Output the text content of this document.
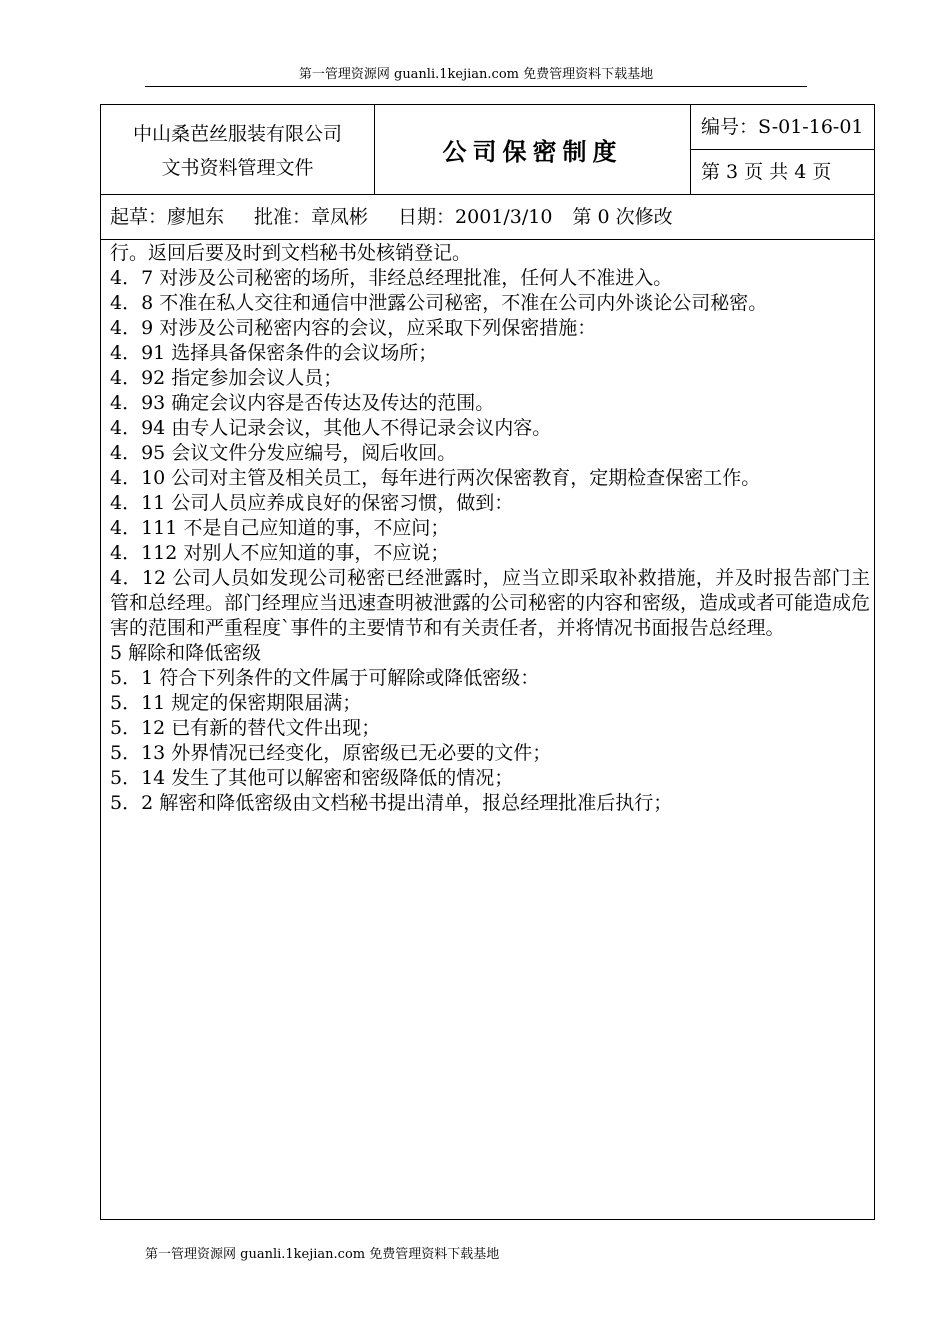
第一管理资源网 guanli.1kejian.com 免费管理资料下载基地
中山桑芭丝服装有限公司
文书资料管理文件
公司保密制度
编号：S-01-16-01
第 3 页 共 4 页
起草：廖旭东 批准：章凤彬 日期：2001/3/10 第 0 次修改
行。返回后要及时到文档秘书处核销登记。
4．7 对涉及公司秘密的场所，非经总经理批准，任何人不准进入。
4．8 不准在私人交往和通信中泄露公司秘密，不准在公司内外谈论公司秘密。
4．9 对涉及公司秘密内容的会议，应采取下列保密措施：
4．91 选择具备保密条件的会议场所；
4．92 指定参加会议人员；
4．93 确定会议内容是否传达及传达的范围。
4．94 由专人记录会议，其他人不得记录会议内容。
4．95 会议文件分发应编号，阅后收回。
4．10 公司对主管及相关员工，每年进行两次保密教育，定期检查保密工作。
4．11 公司人员应养成良好的保密习惯，做到：
4．111 不是自己应知道的事，不应问；
4．112 对别人不应知道的事，不应说；
4．12 公司人员如发现公司秘密已经泄露时，应当立即采取补救措施，并及时报告部门主管和总经理。部门经理应当迅速查明被泄露的公司秘密的内容和密级，造成或者可能造成危害的范围和严重程度`事件的主要情节和有关责任者，并将情况书面报告总经理。
5 解除和降低密级
5．1 符合下列条件的文件属于可解除或降低密级：
5．11 规定的保密期限届满；
5．12 已有新的替代文件出现；
5．13 外界情况已经变化，原密级已无必要的文件；
5．14 发生了其他可以解密和密级降低的情况；
5．2 解密和降低密级由文档秘书提出清单，报总经理批准后执行；
第一管理资源网 guanli.1kejian.com 免费管理资料下载基地
